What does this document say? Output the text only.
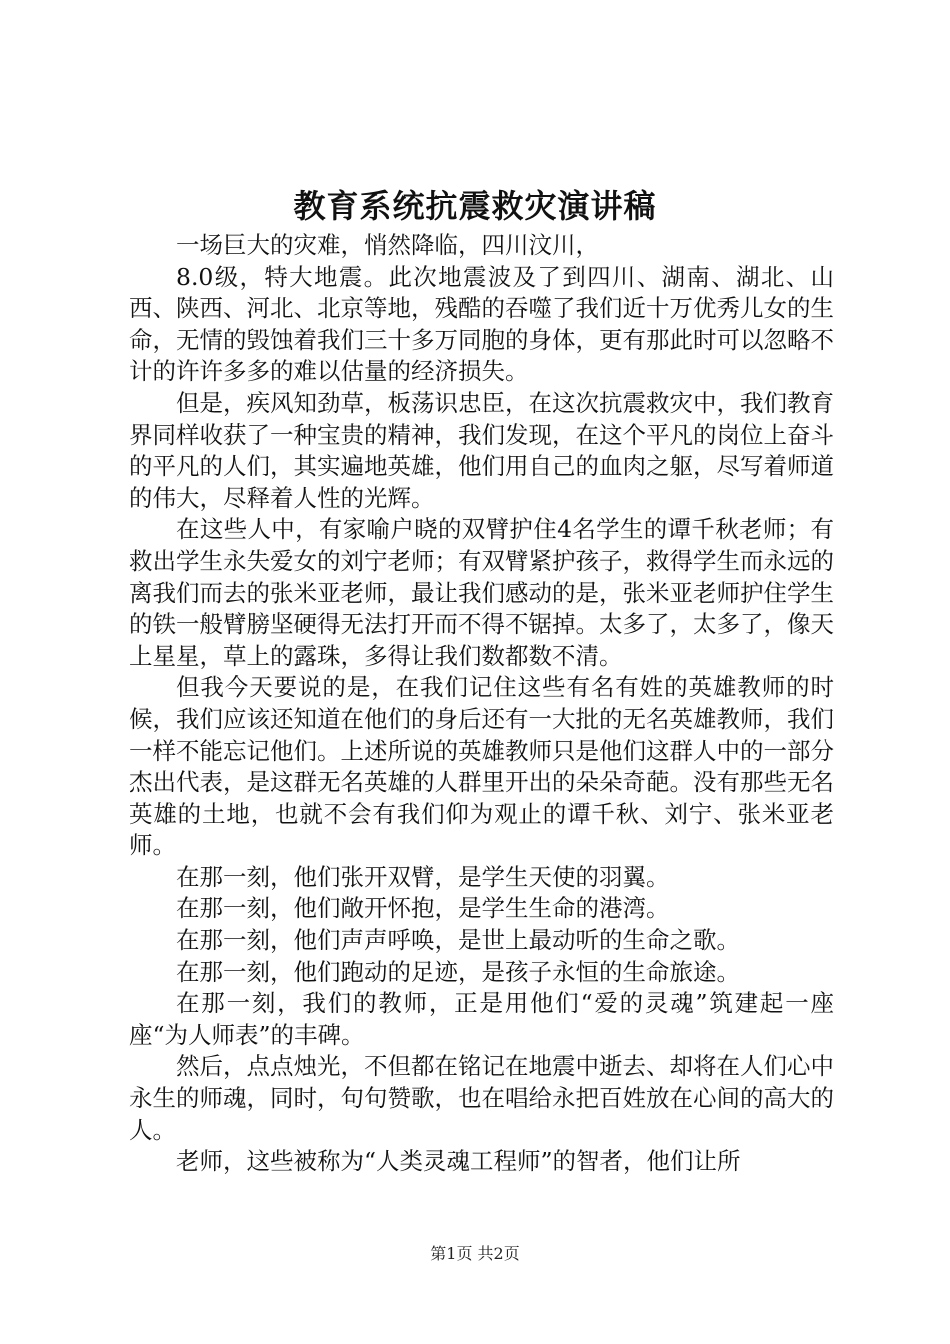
教育系统抗震救灾演讲稿

一场巨大的灾难，悄然降临，四川汶川，

8.0级，特大地震。此次地震波及了到四川、湖南、湖北、山西、陕西、河北、北京等地，残酷的吞噬了我们近十万优秀儿女的生命，无情的毁蚀着我们三十多万同胞的身体，更有那此时可以忽略不计的许许多多的难以估量的经济损失。

但是，疾风知劲草，板荡识忠臣，在这次抗震救灾中，我们教育界同样收获了一种宝贵的精神，我们发现，在这个平凡的岗位上奋斗的平凡的人们，其实遍地英雄，他们用自己的血肉之躯，尽写着师道的伟大，尽释着人性的光辉。

在这些人中，有家喻户晓的双臂护住4名学生的谭千秋老师；有救出学生永失爱女的刘宁老师；有双臂紧护孩子，救得学生而永远的离我们而去的张米亚老师，最让我们感动的是，张米亚老师护住学生的铁一般臂膀坚硬得无法打开而不得不锯掉。太多了，太多了，像天上星星，草上的露珠，多得让我们数都数不清。

但我今天要说的是，在我们记住这些有名有姓的英雄教师的时候，我们应该还知道在他们的身后还有一大批的无名英雄教师，我们一样不能忘记他们。上述所说的英雄教师只是他们这群人中的一部分杰出代表，是这群无名英雄的人群里开出的朵朵奇葩。没有那些无名英雄的土地，也就不会有我们仰为观止的谭千秋、刘宁、张米亚老师。

在那一刻，他们张开双臂，是学生天使的羽翼。

在那一刻，他们敞开怀抱，是学生生命的港湾。

在那一刻，他们声声呼唤，是世上最动听的生命之歌。

在那一刻，他们跑动的足迹，是孩子永恒的生命旅途。

在那一刻，我们的教师，正是用他们“爱的灵魂”筑建起一座座“为人师表”的丰碑。

然后，点点烛光，不但都在铭记在地震中逝去、却将在人们心中永生的师魂，同时，句句赞歌，也在唱给永把百姓放在心间的高大的人。

老师，这些被称为“人类灵魂工程师”的智者，他们让所

第1页 共2页
